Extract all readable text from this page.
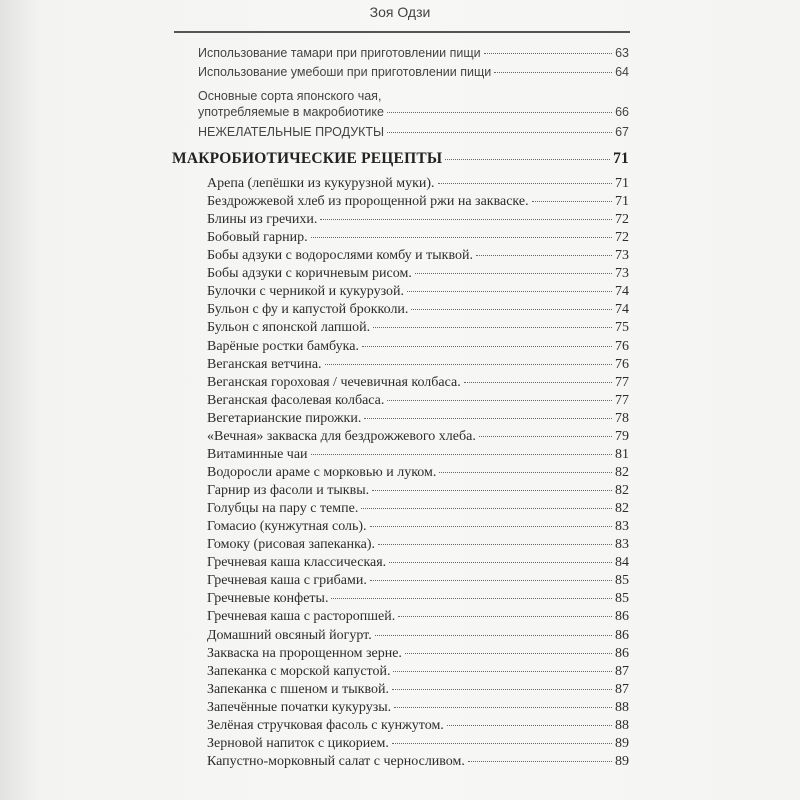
Зоя Одзи
Использование тамари при приготовлении пищи	63
Использование умебоши при приготовлении пищи	64
Основные сорта японского чая,
употребляемые в макробиотике	66
НЕЖЕЛАТЕЛЬНЫЕ ПРОДУКТЫ	67
МАКРОБИОТИЧЕСКИЕ РЕЦЕПТЫ	71
Арепа (лепёшки из кукурузной муки).	71
Бездрожжевой хлеб из пророщенной ржи на закваске.	71
Блины из гречихи.	72
Бобовый гарнир.	72
Бобы адзуки с водорослями комбу и тыквой.	73
Бобы адзуки с коричневым рисом.	73
Булочки с черникой и кукурузой.	74
Бульон с фу и капустой брокколи.	74
Бульон с японской лапшой.	75
Варёные ростки бамбука.	76
Веганская ветчина.	76
Веганская гороховая / чечевичная колбаса.	77
Веганская фасолевая колбаса.	77
Вегетарианские пирожки.	78
«Вечная» закваска для бездрожжевого хлеба.	79
Витаминные чаи	81
Водоросли араме с морковью и луком.	82
Гарнир из фасоли и тыквы.	82
Голубцы на пару с темпе.	82
Гомасио (кунжутная соль).	83
Гомоку (рисовая запеканка).	83
Гречневая каша классическая.	84
Гречневая каша с грибами.	85
Гречневые конфеты.	85
Гречневая каша с расторопшей.	86
Домашний овсяный йогурт.	86
Закваска на пророщенном зерне.	86
Запеканка с морской капустой.	87
Запеканка с пшеном и тыквой.	87
Запечённые початки кукурузы.	88
Зелёная стручковая фасоль с кунжутом.	88
Зерновой напиток с цикорием.	89
Капустно-морковный салат с черносливом.	89
